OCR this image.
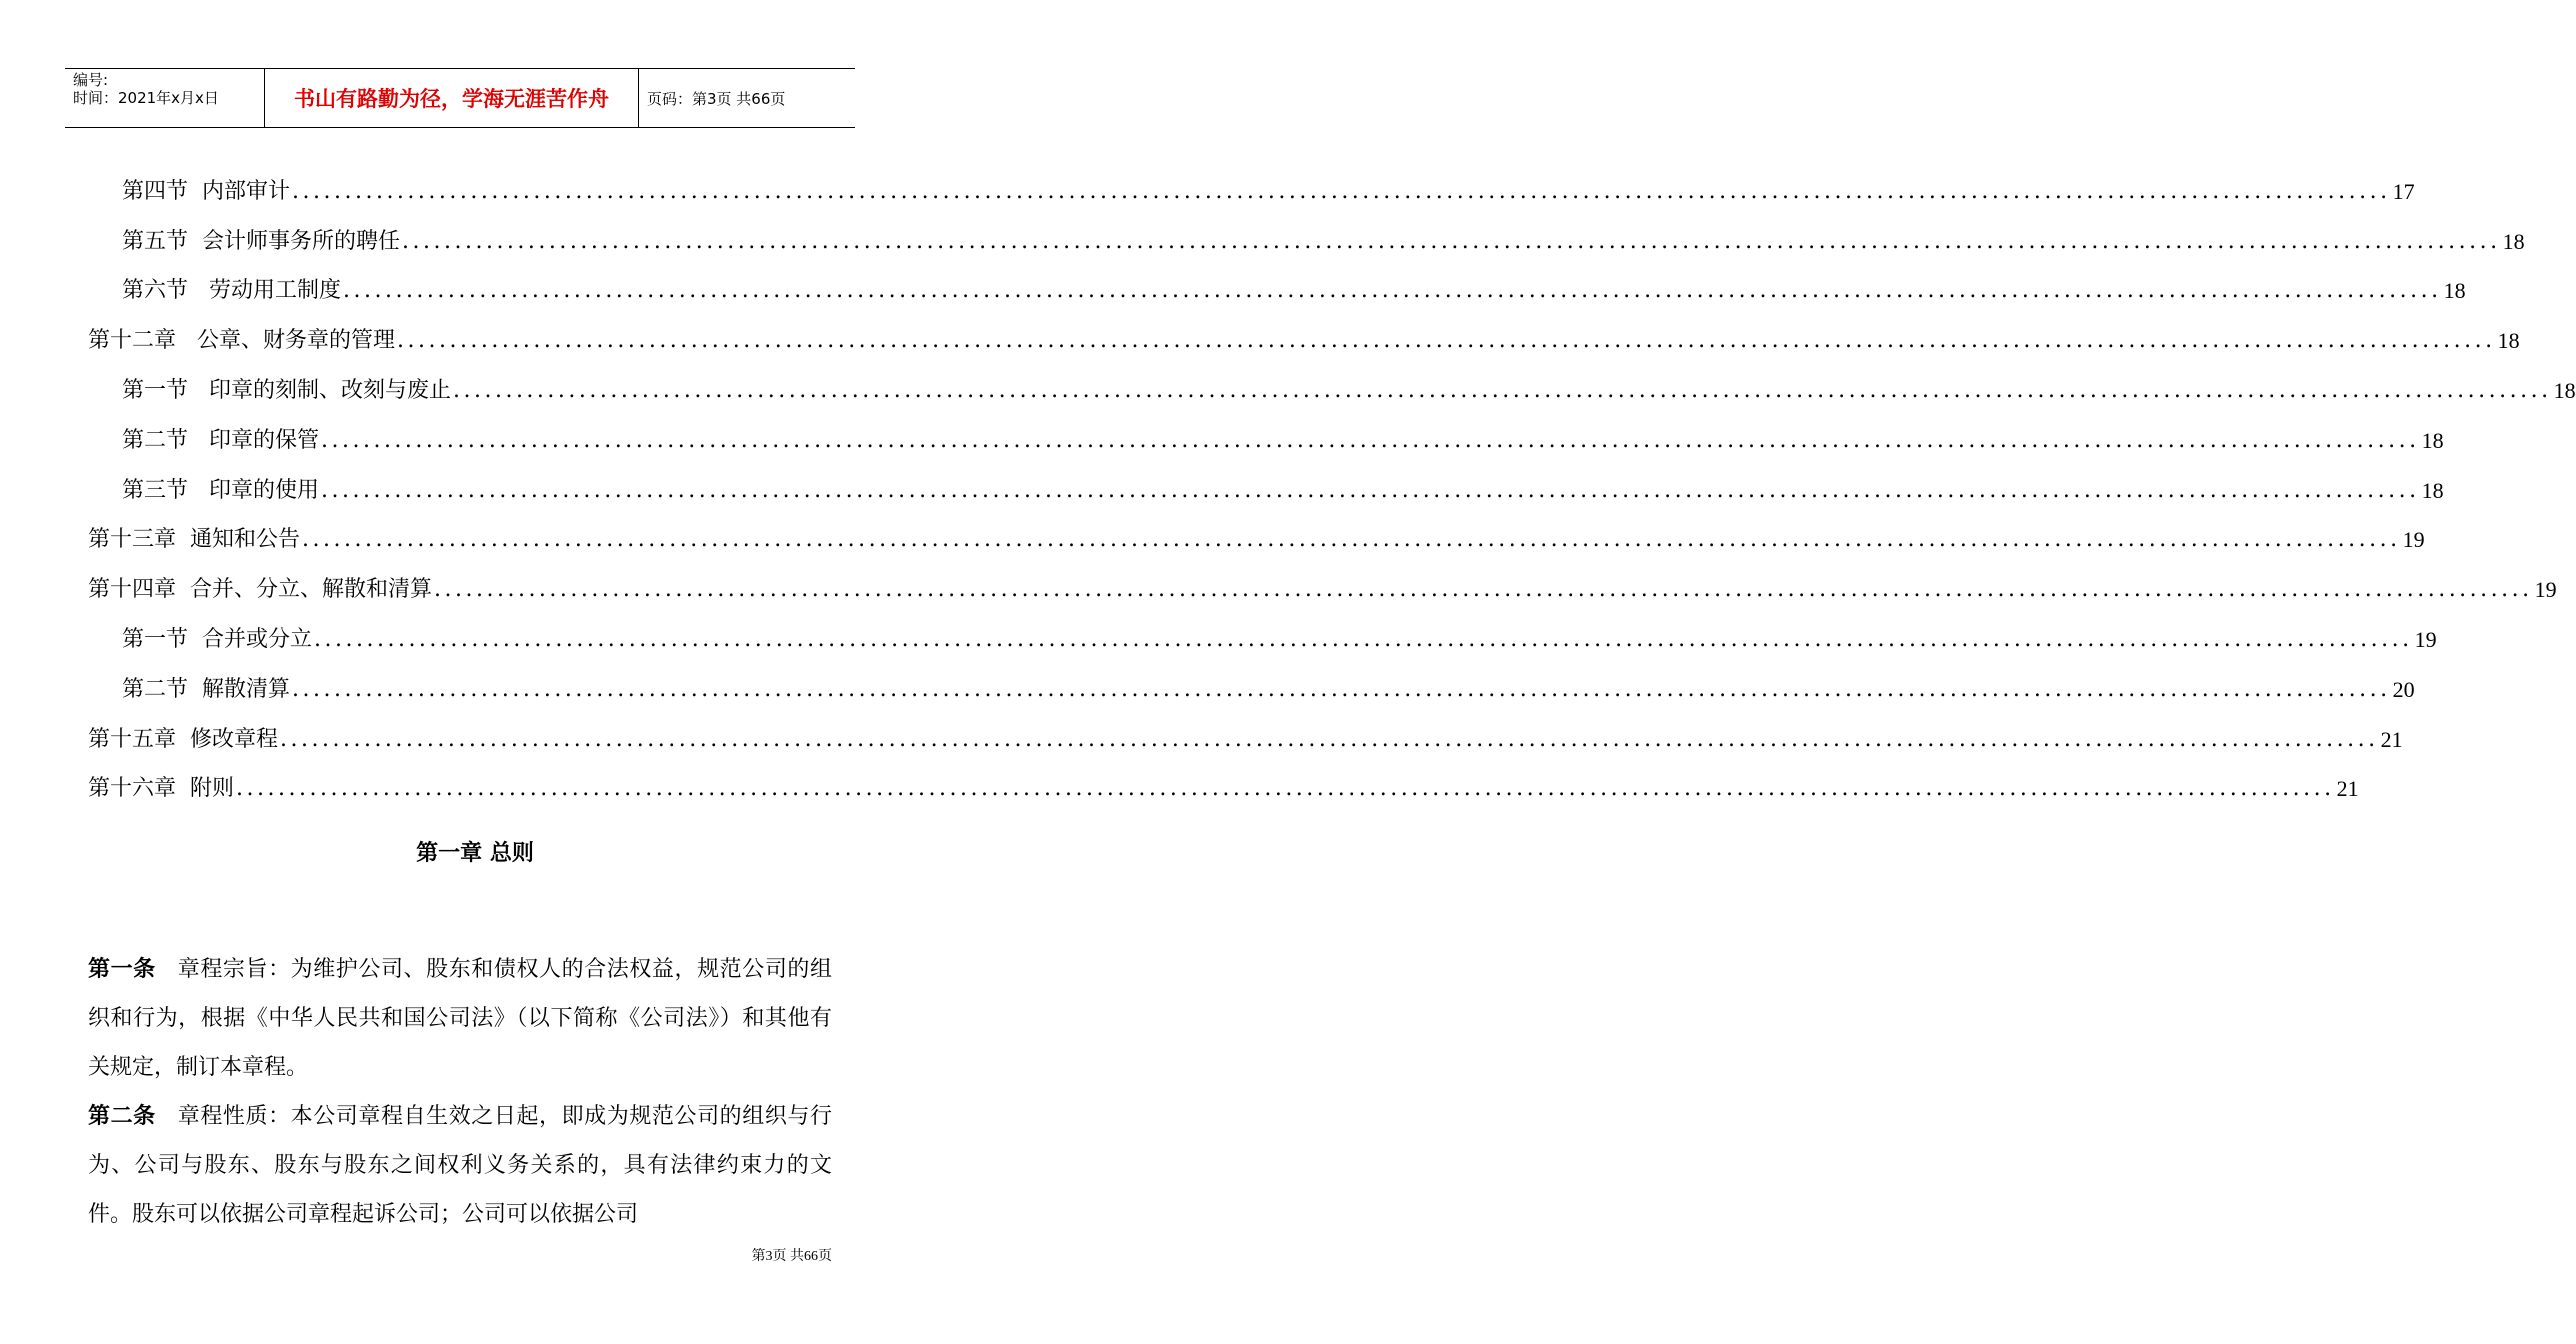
编号:
时间：2021年x月x日	书山有路勤为径，学海无涯苦作舟	页码：第3页 共66页
第四节  内部审计 ........................................................................................................................................................................................................ 17
第五节  会计师事务所的聘任 ........................................................................................................................................................................................................ 18
第六节   劳动用工制度 ........................................................................................................................................................................................................ 18
第十二章   公章、财务章的管理 ........................................................................................................................................................................................................ 18
第一节   印章的刻制、改刻与废止 ........................................................................................................................................................................................................ 18
第二节   印章的保管 ........................................................................................................................................................................................................ 18
第三节   印章的使用 ........................................................................................................................................................................................................ 18
第十三章  通知和公告 ........................................................................................................................................................................................................ 19
第十四章  合并、分立、解散和清算 ........................................................................................................................................................................................................ 19
第一节  合并或分立 ........................................................................................................................................................................................................ 19
第二节  解散清算 ........................................................................................................................................................................................................ 20
第十五章  修改章程 ........................................................................................................................................................................................................ 21
第十六章  附则 ........................................................................................................................................................................................................ 21
第一章 总则

第一条 章程宗旨：为维护公司、股东和债权人的合法权益，规范公司的组织和行为，根据《中华人民共和国公司法》（以下简称《公司法》）和其他有关规定，制订本章程。

第二条 章程性质：本公司章程自生效之日起，即成为规范公司的组织与行为、公司与股东、股东与股东之间权利义务关系的，具有法律约束力的文件。股东可以依据公司章程起诉公司；公司可以依据公司

第3页 共66页
